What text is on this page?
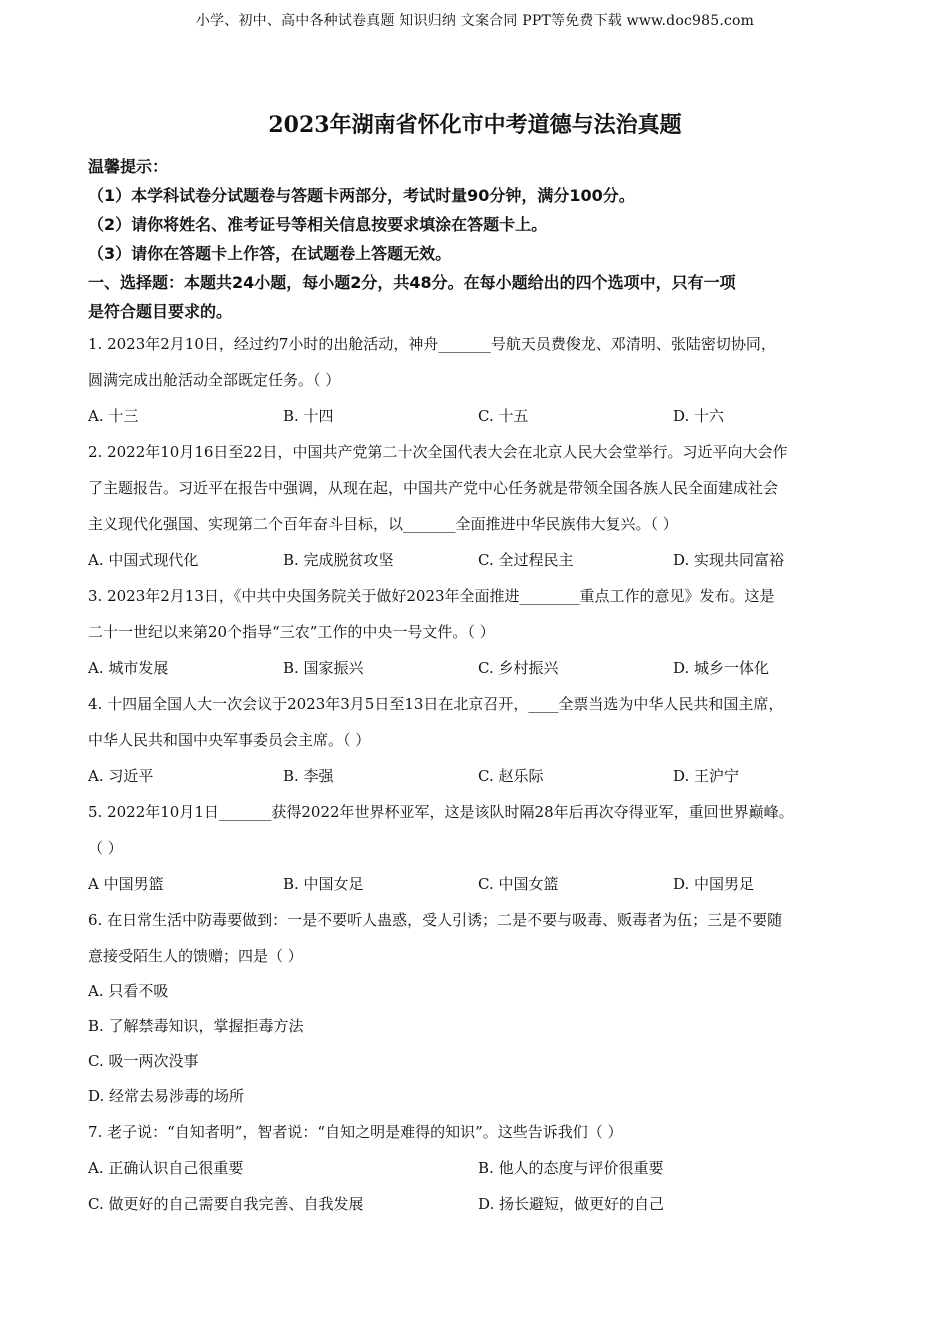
小学、初中、高中各种试卷真题 知识归纳 文案合同 PPT等免费下载 www.doc985.com
2023年湖南省怀化市中考道德与法治真题
温馨提示：
（1）本学科试卷分试题卷与答题卡两部分，考试时量90分钟，满分100分。
（2）请你将姓名、准考证号等相关信息按要求填涂在答题卡上。
（3）请你在答题卡上作答，在试题卷上答题无效。
一、选择题：本题共24小题，每小题2分，共48分。在每小题给出的四个选项中，只有一项
是符合题目要求的。
1. 2023年2月10日，经过约7小时的出舱活动，神舟_______号航天员费俊龙、邓清明、张陆密切协同，
圆满完成出舱活动全部既定任务。（ ）
A. 十三	B. 十四	C. 十五	D. 十六
2. 2022年10月16日至22日，中国共产党第二十次全国代表大会在北京人民大会堂举行。习近平向大会作
了主题报告。习近平在报告中强调，从现在起，中国共产党中心任务就是带领全国各族人民全面建成社会
主义现代化强国、实现第二个百年奋斗目标，以_______全面推进中华民族伟大复兴。（ ）
A. 中国式现代化	B. 完成脱贫攻坚	C. 全过程民主	D. 实现共同富裕
3. 2023年2月13日，《中共中央国务院关于做好2023年全面推进________重点工作的意见》发布。这是
二十一世纪以来第20个指导“三农”工作的中央一号文件。（ ）
A. 城市发展	B. 国家振兴	C. 乡村振兴	D. 城乡一体化
4. 十四届全国人大一次会议于2023年3月5日至13日在北京召开，____全票当选为中华人民共和国主席，
中华人民共和国中央军事委员会主席。（ ）
A. 习近平	B. 李强	C. 赵乐际	D. 王沪宁
5. 2022年10月1日_______获得2022年世界杯亚军，这是该队时隔28年后再次夺得亚军，重回世界巅峰。
（ ）
A 中国男篮	B. 中国女足	C. 中国女篮	D. 中国男足
6. 在日常生活中防毒要做到：一是不要听人蛊惑，受人引诱；二是不要与吸毒、贩毒者为伍；三是不要随
意接受陌生人的馈赠；四是（ ）
A. 只看不吸
B. 了解禁毒知识，掌握拒毒方法
C. 吸一两次没事
D. 经常去易涉毒的场所
7. 老子说：“自知者明”，智者说：“自知之明是难得的知识”。这些告诉我们（ ）
A. 正确认识自己很重要	B. 他人的态度与评价很重要
C. 做更好的自己需要自我完善、自我发展	D. 扬长避短，做更好的自己
